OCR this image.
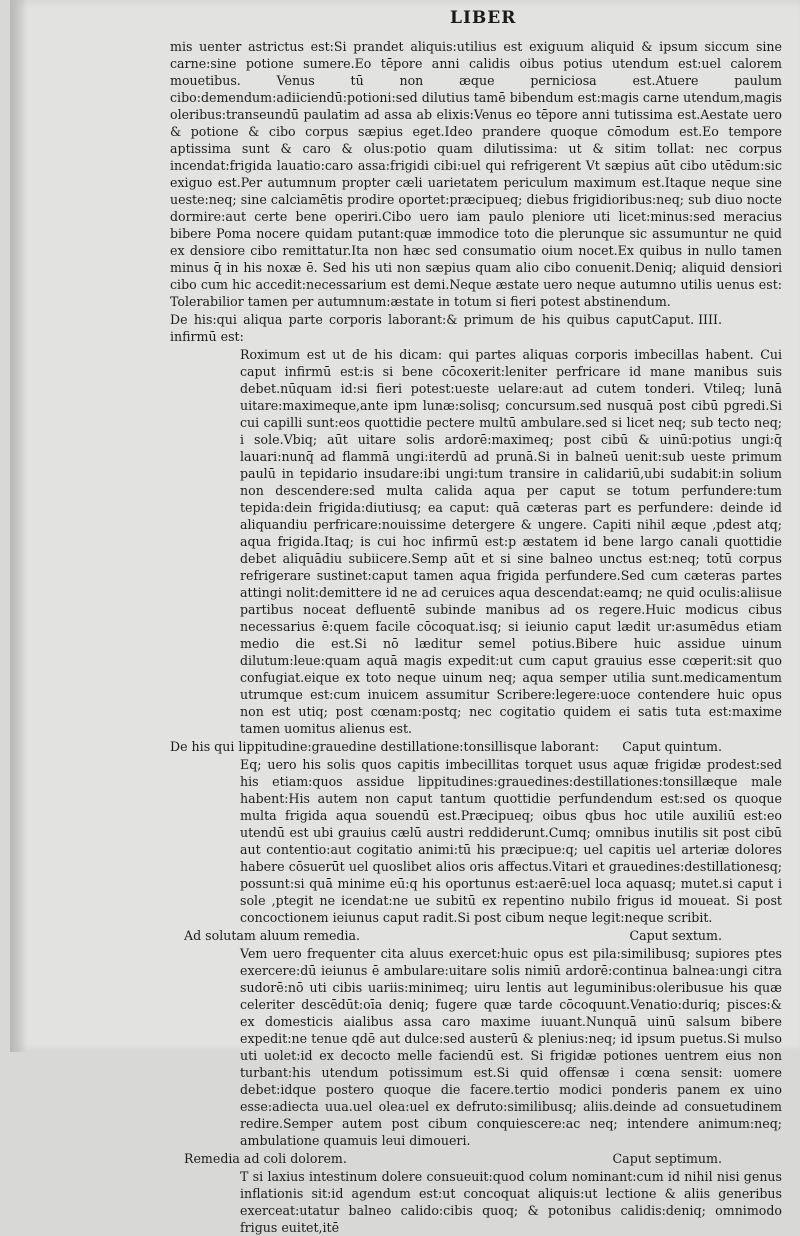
LIBER

mis uenter astrictus est:Si prandet aliquis:utilius est exiguum aliquid & ipsum siccum sine carne:sine potione sumere.Eo tēpore anni calidis oibus potius utendum est:uel calorem mouetibus. Venus tū non æque perniciosa est.Atuere paulum cibo:demendum:adiiciendū:potioni:sed dilutius tamē bibendum est:magis carne utendum,magis oleribus:transeundū paulatim ad assa ab elixis:Venus eo tēpore anni tutissima est.Aestate uero & potione & cibo corpus sæpius eget.Ideo prandere quoque cōmodum est.Eo tempore aptissima sunt & caro & olus:potio quam dilutissima: ut & sitim tollat: nec corpus incendat:frigida lauatio:caro assa:frigidi cibi:uel qui refrigerent Vt sæpius aūt cibo utēdum:sic exiguo est.Per autumnum propter cæli uarietatem periculum maximum est.Itaque neque sine ueste:neq; sine calciamētis prodire oportet:præcipueq; diebus frigidioribus:neq; sub diuo nocte dormire:aut certe bene operiri.Cibo uero iam paulo pleniore uti licet:minus:sed meracius bibere Poma nocere quidam putant:quæ immodice toto die plerunque sic assumuntur ne quid ex densiore cibo remittatur.Ita non hæc sed consumatio oium nocet.Ex quibus in nullo tamen minus q̄ in his noxæ ē. Sed his uti non sæpius quam alio cibo conuenit.Deniq; aliquid densiori cibo cum hic accedit:necessarium est demi.Neque æstate uero neque autumno utilis uenus est: Tolerabilior tamen per autumnum:æstate in totum si fieri potest abstinendum.

De his:qui aliqua parte corporis laborant:& primum de his quibus caput infirmū est:
Caput. IIII.

Roximum est ut de his dicam: qui partes aliquas corporis imbecillas habent. Cui caput infirmū est:is si bene cōcoxerit:leniter perfricare id mane manibus suis debet.nūquam id:si fieri potest:ueste uelare:aut ad cutem tonderi. Vtileq; lunā uitare:maximeque,ante ipm lunæ:solisq; concursum.sed nusquā post cibū pgredi.Si cui capilli sunt:eos quottidie pectere multū ambulare.sed si licet neq; sub tecto neq; i sole.Vbiq; aūt uitare solis ardorē:maximeq; post cibū & uinū:potius ungi:q̄ lauari:nunq̄ ad flammā ungi:iterdū ad prunā.Si in balneū uenit:sub ueste primum paulū in tepidario insudare:ibi ungi:tum transire in calidariū,ubi sudabit:in solium non descendere:sed multa calida aqua per caput se totum perfundere:tum tepida:dein frigida:diutiusq; ea caput: quā cæteras part es perfundere: deinde id aliquandiu perfricare:nouissime detergere & ungere. Capiti nihil æque ,pdest atq; aqua frigida.Itaq; is cui hoc infirmū est:p æstatem id bene largo canali quottidie debet aliquādiu subiicere.Semp aūt et si sine balneo unctus est:neq; totū corpus refrigerare sustinet:caput tamen aqua frigida perfundere.Sed cum cæteras partes attingi nolit:demittere id ne ad ceruices aqua descendat:eamq; ne quid oculis:aliisue partibus noceat defluentē subinde manibus ad os regere.Huic modicus cibus necessarius ē:quem facile cōcoquat.isq; si ieiunio caput lædit ur:asumēdus etiam medio die est.Si nō læditur semel potius.Bibere huic assidue uinum dilutum:leue:quam aquā magis expedit:ut cum caput grauius esse cœperit:sit quo confugiat.eique ex toto neque uinum neq; aqua semper utilia sunt.medicamentum utrumque est:cum inuicem assumitur Scribere:legere:uoce contendere huic opus non est utiq; post cœnam:postq; nec cogitatio quidem ei satis tuta est:maxime tamen uomitus alienus est.

De his qui lippitudine:grauedine destillatione:tonsillisque laborant: Caput quintum.

Eq; uero his solis quos capitis imbecillitas torquet usus aquæ frigidæ prodest:sed his etiam:quos assidue lippitudines:grauedines:destillationes:tonsillæque male habent:His autem non caput tantum quottidie perfundendum est:sed os quoque multa frigida aqua souendū est.Præcipueq; oibus qbus hoc utile auxiliū est:eo utendū est ubi grauius cælū austri reddiderunt.Cumq; omnibus inutilis sit post cibū aut contentio:aut cogitatio animi:tū his præcipue:q; uel capitis uel arteriæ dolores habere cōsuerūt uel quoslibet alios oris affectus.Vitari et grauedines:destillationesq; possunt:si quā minime eū:q his oportunus est:aerē:uel loca aquasq; mutet.si caput i sole ,ptegit ne icendat:ne ue subitū ex repentino nubilo frigus id moueat. Si post concoctionem ieiunus caput radit.Si post cibum neque legit:neque scribit.

Ad solutam aluum remedia.	Caput sextum.

Vem uero frequenter cita aluus exercet:huic opus est pila:similibusq; supiores ptes exercere:dū ieiunus ē ambulare:uitare solis nimiū ardorē:continua balnea:ungi citra sudorē:nō uti cibis uariis:minimeq; uiru lentis aut leguminibus:oleribusue his quæ celeriter descēdūt:oīa deniq; fugere quæ tarde cōcoquunt.Venatio:duriq; pisces:& ex domesticis aialibus assa caro maxime iuuant.Nunquā uinū salsum bibere expedit:ne tenue qdē aut dulce:sed austerū & plenius:neq; id ipsum puetus.Si mulso uti uolet:id ex decocto melle faciendū est. Si frigidæ potiones uentrem eius non turbant:his utendum potissimum est.Si quid offensæ i cœna sensit: uomere debet:idque postero quoque die facere.tertio modici ponderis panem ex uino esse:adiecta uua.uel olea:uel ex defruto:similibusq; aliis.deinde ad consuetudinem redire.Semper autem post cibum conquiescere:ac neq; intendere animum:neq; ambulatione quamuis leui dimoueri.

Remedia ad coli dolorem.	Caput septimum.

T si laxius intestinum dolere consueuit:quod colum nominant:cum id nihil nisi genus inflationis sit:id agendum est:ut concoquat aliquis:ut lectione & aliis generibus exerceat:utatur balneo calido:cibis quoq; & potonibus calidis:deniq; omnimodo frigus euitet,itē
